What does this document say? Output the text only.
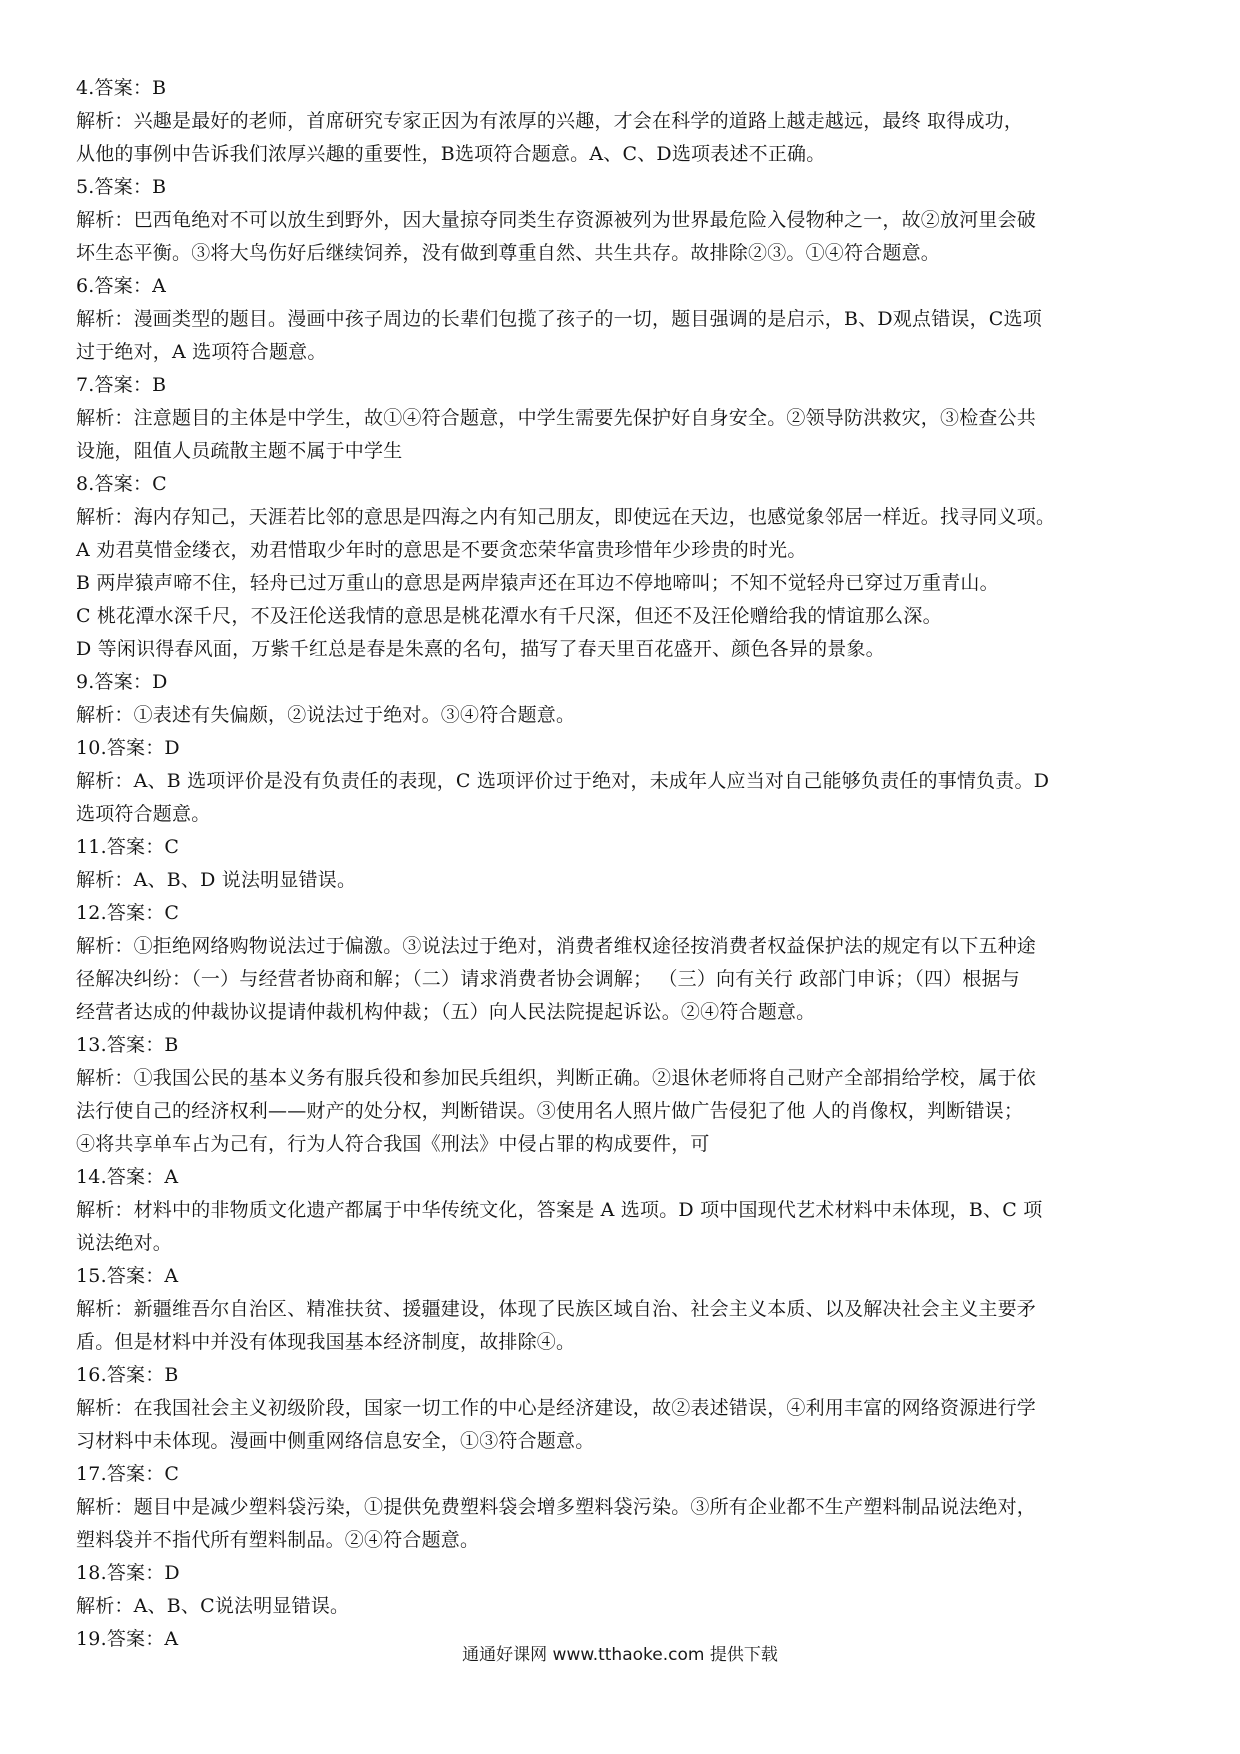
4.答案：B
解析：兴趣是最好的老师，首席研究专家正因为有浓厚的兴趣，才会在科学的道路上越走越远，最终 取得成功，
从他的事例中告诉我们浓厚兴趣的重要性，B选项符合题意。A、C、D选项表述不正确。
5.答案：B
解析：巴西龟绝对不可以放生到野外，因大量掠夺同类生存资源被列为世界最危险入侵物种之一，故②放河里会破
坏生态平衡。③将大鸟伤好后继续饲养，没有做到尊重自然、共生共存。故排除②③。①④符合题意。
6.答案：A
解析：漫画类型的题目。漫画中孩子周边的长辈们包揽了孩子的一切，题目强调的是启示，B、D观点错误，C选项
过于绝对，A 选项符合题意。
7.答案：B
解析：注意题目的主体是中学生，故①④符合题意，中学生需要先保护好自身安全。②领导防洪救灾，③检查公共
设施，阻值人员疏散主题不属于中学生
8.答案：C
解析：海内存知己，天涯若比邻的意思是四海之内有知己朋友，即使远在天边，也感觉象邻居一样近。找寻同义项。
A 劝君莫惜金缕衣，劝君惜取少年时的意思是不要贪恋荣华富贵珍惜年少珍贵的时光。
B 两岸猿声啼不住，轻舟已过万重山的意思是两岸猿声还在耳边不停地啼叫；不知不觉轻舟已穿过万重青山。
C 桃花潭水深千尺，不及汪伦送我情的意思是桃花潭水有千尺深，但还不及汪伦赠给我的情谊那么深。
D 等闲识得春风面，万紫千红总是春是朱熹的名句，描写了春天里百花盛开、颜色各异的景象。
9.答案：D
解析：①表述有失偏颇，②说法过于绝对。③④符合题意。
10.答案：D
解析：A、B 选项评价是没有负责任的表现，C 选项评价过于绝对，未成年人应当对自己能够负责任的事情负责。D
选项符合题意。
11.答案：C
解析：A、B、D 说法明显错误。
12.答案：C
解析：①拒绝网络购物说法过于偏激。③说法过于绝对，消费者维权途径按消费者权益保护法的规定有以下五种途
径解决纠纷：（一）与经营者协商和解；（二）请求消费者协会调解； （三）向有关行 政部门申诉；（四）根据与
经营者达成的仲裁协议提请仲裁机构仲裁；（五）向人民法院提起诉讼。②④符合题意。
13.答案：B
解析：①我国公民的基本义务有服兵役和参加民兵组织，判断正确。②退休老师将自己财产全部捐给学校，属于依
法行使自己的经济权利——财产的处分权，判断错误。③使用名人照片做广告侵犯了他 人的肖像权，判断错误；
④将共享单车占为己有，行为人符合我国《刑法》中侵占罪的构成要件，可
14.答案：A
解析：材料中的非物质文化遗产都属于中华传统文化，答案是 A 选项。D 项中国现代艺术材料中未体现，B、C 项
说法绝对。
15.答案：A
解析：新疆维吾尔自治区、精准扶贫、援疆建设，体现了民族区域自治、社会主义本质、以及解决社会主义主要矛
盾。但是材料中并没有体现我国基本经济制度，故排除④。
16.答案：B
解析：在我国社会主义初级阶段，国家一切工作的中心是经济建设，故②表述错误，④利用丰富的网络资源进行学
习材料中未体现。漫画中侧重网络信息安全，①③符合题意。
17.答案：C
解析：题目中是减少塑料袋污染，①提供免费塑料袋会增多塑料袋污染。③所有企业都不生产塑料制品说法绝对，
塑料袋并不指代所有塑料制品。②④符合题意。
18.答案：D
解析：A、B、C说法明显错误。
19.答案：A
通通好课网 www.tthaoke.com 提供下载
